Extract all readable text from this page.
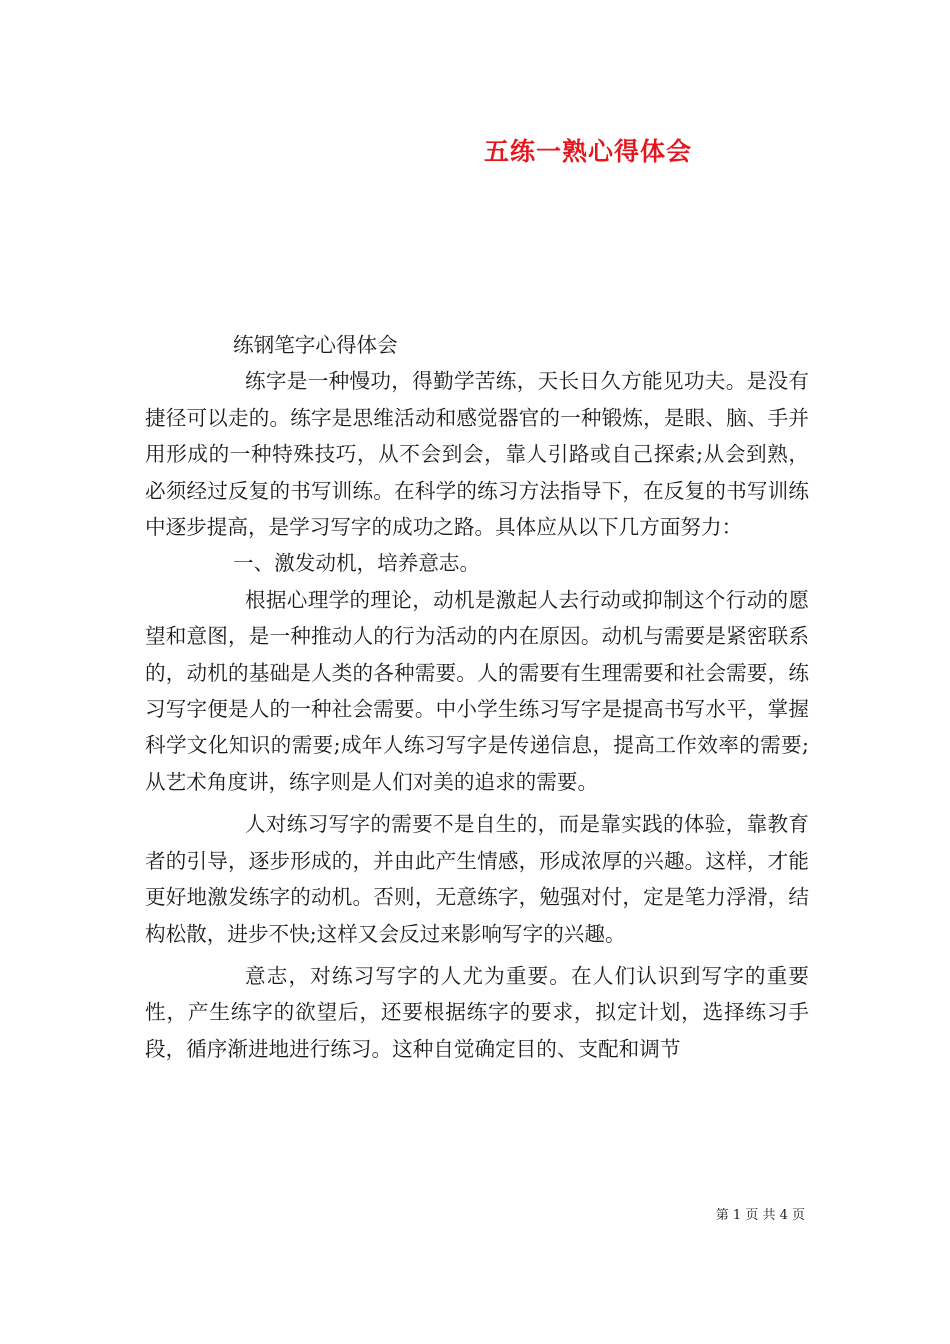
五练一熟心得体会

练钢笔字心得体会

练字是一种慢功，得勤学苦练，天长日久方能见功夫。是没有捷径可以走的。练字是思维活动和感觉器官的一种锻炼，是眼、脑、手并用形成的一种特殊技巧，从不会到会，靠人引路或自己探索;从会到熟，必须经过反复的书写训练。在科学的练习方法指导下，在反复的书写训练中逐步提高，是学习写字的成功之路。具体应从以下几方面努力：

一、激发动机，培养意志。

根据心理学的理论，动机是激起人去行动或抑制这个行动的愿望和意图，是一种推动人的行为活动的内在原因。动机与需要是紧密联系的，动机的基础是人类的各种需要。人的需要有生理需要和社会需要，练习写字便是人的一种社会需要。中小学生练习写字是提高书写水平，掌握科学文化知识的需要;成年人练习写字是传递信息，提高工作效率的需要;从艺术角度讲，练字则是人们对美的追求的需要。

人对练习写字的需要不是自生的，而是靠实践的体验，靠教育者的引导，逐步形成的，并由此产生情感，形成浓厚的兴趣。这样，才能更好地激发练字的动机。否则，无意练字，勉强对付，定是笔力浮滑，结构松散，进步不快;这样又会反过来影响写字的兴趣。

意志，对练习写字的人尤为重要。在人们认识到写字的重要性，产生练字的欲望后，还要根据练字的要求，拟定计划，选择练习手段，循序渐进地进行练习。这种自觉确定目的、支配和调节

第 1 页 共 4 页
